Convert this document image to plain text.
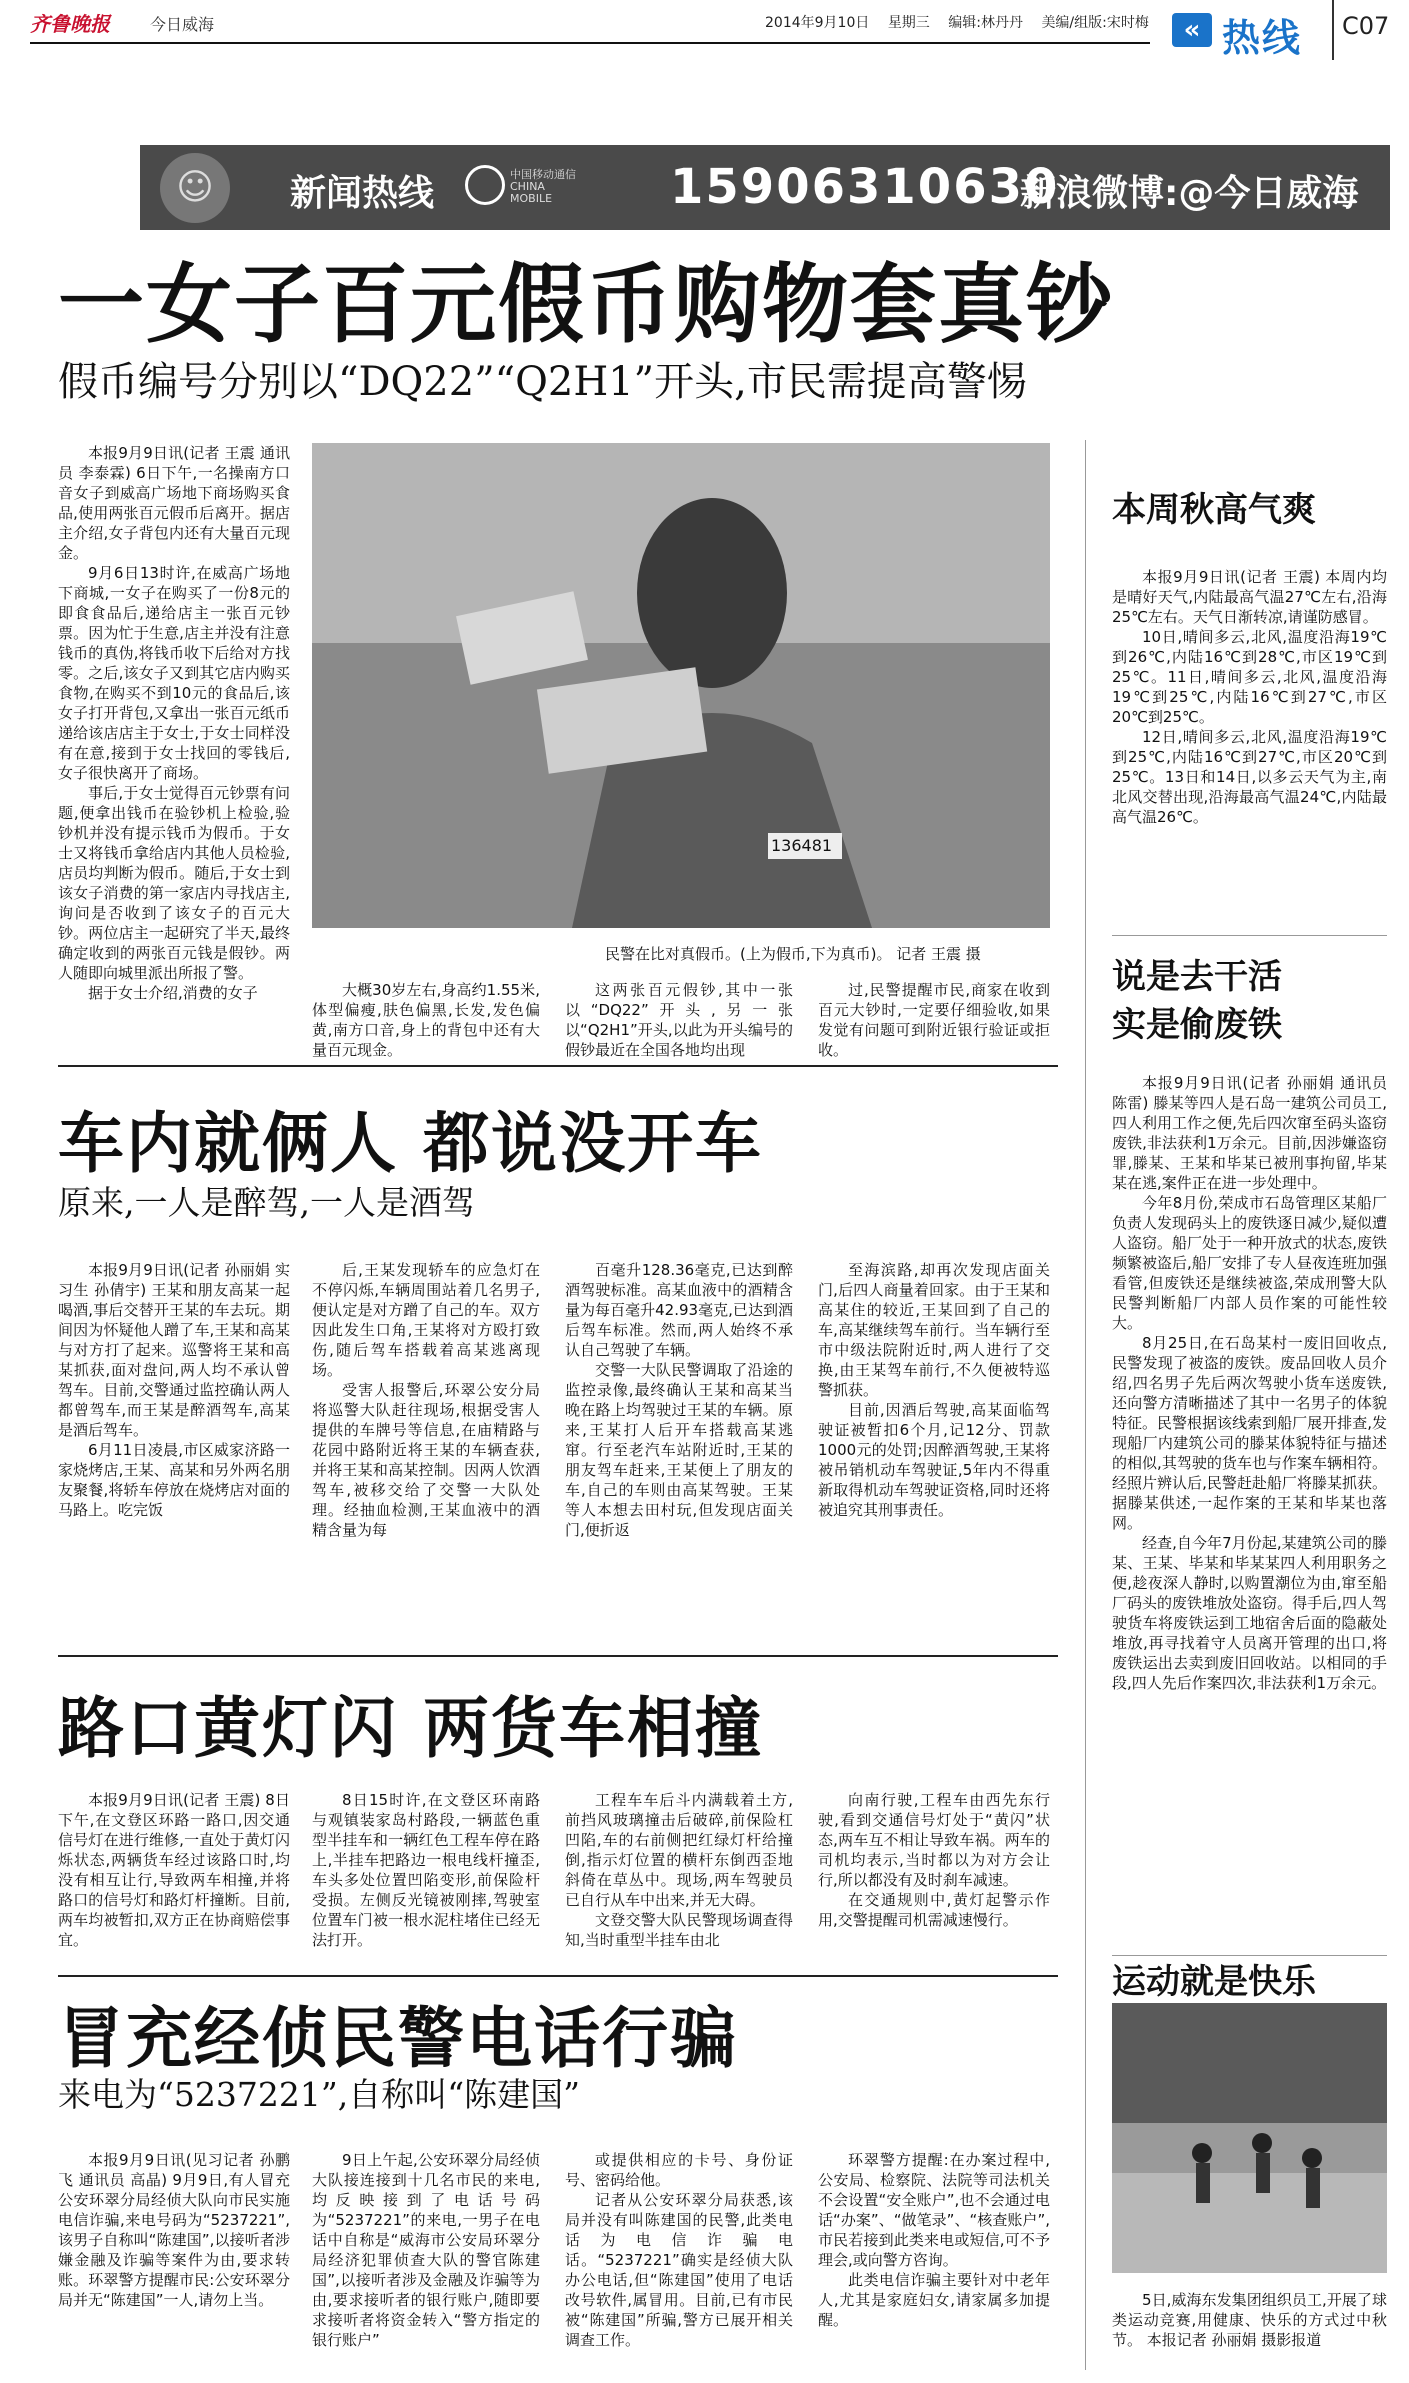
齐鲁晚报	今日威海	2014年9月10日 星期三 编辑:林丹丹 美编/组版:宋时梅	« 热线 C07
☺	新闻热线	中国移动通信 CHINA MOBILE	15906310630
新浪微博:@今日威海
一女子百元假币购物套真钞
假币编号分别以“DQ22”“Q2H1”开头,市民需提高警惕

本报9月9日讯(记者 王震 通讯员 李泰霖) 6日下午,一名操南方口音女子到威高广场地下商场购买食品,使用两张百元假币后离开。据店主介绍,女子背包内还有大量百元现金。

9月6日13时许,在威高广场地下商城,一女子在购买了一份8元的即食食品后,递给店主一张百元钞票。因为忙于生意,店主并没有注意钱币的真伪,将钱币收下后给对方找零。之后,该女子又到其它店内购买食物,在购买不到10元的食品后,该女子打开背包,又拿出一张百元纸币递给该店店主于女士,于女士同样没有在意,接到于女士找回的零钱后,女子很快离开了商场。

事后,于女士觉得百元钞票有问题,便拿出钱币在验钞机上检验,验钞机并没有提示钱币为假币。于女士又将钱币拿给店内其他人员检验,店员均判断为假币。随后,于女士到该女子消费的第一家店内寻找店主,询问是否收到了该女子的百元大钞。两位店主一起研究了半天,最终确定收到的两张百元钱是假钞。两人随即向城里派出所报了警。

据于女士介绍,消费的女子

136481
民警在比对真假币。(上为假币,下为真币)。 记者 王震 摄

大概30岁左右,身高约1.55米,体型偏瘦,肤色偏黑,长发,发色偏黄,南方口音,身上的背包中还有大量百元现金。

这两张百元假钞,其中一张以“DQ22”开头,另一张以“Q2H1”开头,以此为开头编号的假钞最近在全国各地均出现

过,民警提醒市民,商家在收到百元大钞时,一定要仔细验收,如果发觉有问题可到附近银行验证或拒收。

车内就俩人 都说没开车
原来,一人是醉驾,一人是酒驾

本报9月9日讯(记者 孙丽娟 实习生 孙倩宇) 王某和朋友高某一起喝酒,事后交替开王某的车去玩。期间因为怀疑他人蹭了车,王某和高某与对方打了起来。巡警将王某和高某抓获,面对盘问,两人均不承认曾驾车。目前,交警通过监控确认两人都曾驾车,而王某是醉酒驾车,高某是酒后驾车。

6月11日凌晨,市区威家济路一家烧烤店,王某、高某和另外两名朋友聚餐,将轿车停放在烧烤店对面的马路上。吃完饭

后,王某发现轿车的应急灯在不停闪烁,车辆周围站着几名男子,便认定是对方蹭了自己的车。双方因此发生口角,王某将对方殴打致伤,随后驾车搭载着高某逃离现场。

受害人报警后,环翠公安分局将巡警大队赶往现场,根据受害人提供的车牌号等信息,在庙精路与花园中路附近将王某的车辆查获,并将王某和高某控制。因两人饮酒驾车,被移交给了交警一大队处理。经抽血检测,王某血液中的酒精含量为每

百毫升128.36毫克,已达到醉酒驾驶标准。高某血液中的酒精含量为每百毫升42.93毫克,已达到酒后驾车标准。然而,两人始终不承认自己驾驶了车辆。

交警一大队民警调取了沿途的监控录像,最终确认王某和高某当晚在路上均驾驶过王某的车辆。原来,王某打人后开车搭载高某逃窜。行至老汽车站附近时,王某的朋友驾车赶来,王某便上了朋友的车,自己的车则由高某驾驶。王某等人本想去田村玩,但发现店面关门,便折返

至海滨路,却再次发现店面关门,后四人商量着回家。由于王某和高某住的较近,王某回到了自己的车,高某继续驾车前行。当车辆行至市中级法院附近时,两人进行了交换,由王某驾车前行,不久便被特巡警抓获。

目前,因酒后驾驶,高某面临驾驶证被暂扣6个月,记12分、罚款1000元的处罚;因醉酒驾驶,王某将被吊销机动车驾驶证,5年内不得重新取得机动车驾驶证资格,同时还将被追究其刑事责任。

路口黄灯闪 两货车相撞

本报9月9日讯(记者 王震) 8日下午,在文登区环路一路口,因交通信号灯在进行维修,一直处于黄灯闪烁状态,两辆货车经过该路口时,均没有相互让行,导致两车相撞,并将路口的信号灯和路灯杆撞断。目前,两车均被暂扣,双方正在协商赔偿事宜。

8日15时许,在文登区环南路与观镇装家岛村路段,一辆蓝色重型半挂车和一辆红色工程车停在路上,半挂车把路边一根电线杆撞歪,车头多处位置凹陷变形,前保险杆受损。左侧反光镜被刚摔,驾驶室位置车门被一根水泥柱堵住已经无法打开。

工程车车后斗内满载着土方,前挡风玻璃撞击后破碎,前保险杠凹陷,车的右前侧把红绿灯杆给撞倒,指示灯位置的横杆东倒西歪地斜倚在草丛中。现场,两车驾驶员已自行从车中出来,并无大碍。

文登交警大队民警现场调查得知,当时重型半挂车由北

向南行驶,工程车由西先东行驶,看到交通信号灯处于“黄闪”状态,两车互不相让导致车祸。两车的司机均表示,当时都以为对方会让行,所以都没有及时刹车减速。

在交通规则中,黄灯起警示作用,交警提醒司机需减速慢行。

冒充经侦民警电话行骗
来电为“5237221”,自称叫“陈建国”

本报9月9日讯(见习记者 孙鹏飞 通讯员 高晶) 9月9日,有人冒充公安环翠分局经侦大队向市民实施电信诈骗,来电号码为“5237221”,该男子自称叫“陈建国”,以接听者涉嫌金融及诈骗等案件为由,要求转账。环翠警方提醒市民:公安环翠分局并无“陈建国”一人,请勿上当。

9日上午起,公安环翠分局经侦大队接连接到十几名市民的来电,均反映接到了电话号码为“5237221”的来电,一男子在电话中自称是“威海市公安局环翠分局经济犯罪侦查大队的警官陈建国”,以接听者涉及金融及诈骗等为由,要求接听者的银行账户,随即要求接听者将资金转入“警方指定的银行账户”

或提供相应的卡号、身份证号、密码给他。

记者从公安环翠分局获悉,该局并没有叫陈建国的民警,此类电话为电信诈骗电话。“5237221”确实是经侦大队办公电话,但“陈建国”使用了电话改号软件,属冒用。目前,已有市民被“陈建国”所骗,警方已展开相关调查工作。

环翠警方提醒:在办案过程中,公安局、检察院、法院等司法机关不会设置“安全账户”,也不会通过电话“办案”、“做笔录”、“核查账户”,市民若接到此类来电或短信,可不予理会,或向警方咨询。

此类电信诈骗主要针对中老年人,尤其是家庭妇女,请家属多加提醒。

本周秋高气爽

本报9月9日讯(记者 王震) 本周内均是晴好天气,内陆最高气温27℃左右,沿海25℃左右。天气日渐转凉,请谨防感冒。

10日,晴间多云,北风,温度沿海19℃到26℃,内陆16℃到28℃,市区19℃到25℃。11日,晴间多云,北风,温度沿海19℃到25℃,内陆16℃到27℃,市区20℃到25℃。

12日,晴间多云,北风,温度沿海19℃到25℃,内陆16℃到27℃,市区20℃到25℃。13日和14日,以多云天气为主,南北风交替出现,沿海最高气温24℃,内陆最高气温26℃。

说是去干活
实是偷废铁

本报9月9日讯(记者 孙丽娟 通讯员 陈雷) 滕某等四人是石岛一建筑公司员工,四人利用工作之便,先后四次窜至码头盗窃废铁,非法获利1万余元。目前,因涉嫌盗窃罪,滕某、王某和毕某已被刑事拘留,毕某某在逃,案件正在进一步处理中。

今年8月份,荣成市石岛管理区某船厂负责人发现码头上的废铁逐日减少,疑似遭人盗窃。船厂处于一种开放式的状态,废铁频繁被盗后,船厂安排了专人昼夜连班加强看管,但废铁还是继续被盗,荣成刑警大队民警判断船厂内部人员作案的可能性较大。

8月25日,在石岛某村一废旧回收点,民警发现了被盗的废铁。废品回收人员介绍,四名男子先后两次驾驶小货车送废铁,还向警方清晰描述了其中一名男子的体貌特征。民警根据该线索到船厂展开排查,发现船厂内建筑公司的滕某体貌特征与描述的相似,其驾驶的货车也与作案车辆相符。经照片辨认后,民警赶赴船厂将滕某抓获。据滕某供述,一起作案的王某和毕某也落网。

经查,自今年7月份起,某建筑公司的滕某、王某、毕某和毕某某四人利用职务之便,趁夜深人静时,以购置潮位为由,窜至船厂码头的废铁堆放处盗窃。得手后,四人驾驶货车将废铁运到工地宿舍后面的隐蔽处堆放,再寻找着守人员离开管理的出口,将废铁运出去卖到废旧回收站。以相同的手段,四人先后作案四次,非法获利1万余元。

运动就是快乐

5日,威海东发集团组织员工,开展了球类运动竞赛,用健康、快乐的方式过中秋节。 本报记者 孙丽娟 摄影报道
